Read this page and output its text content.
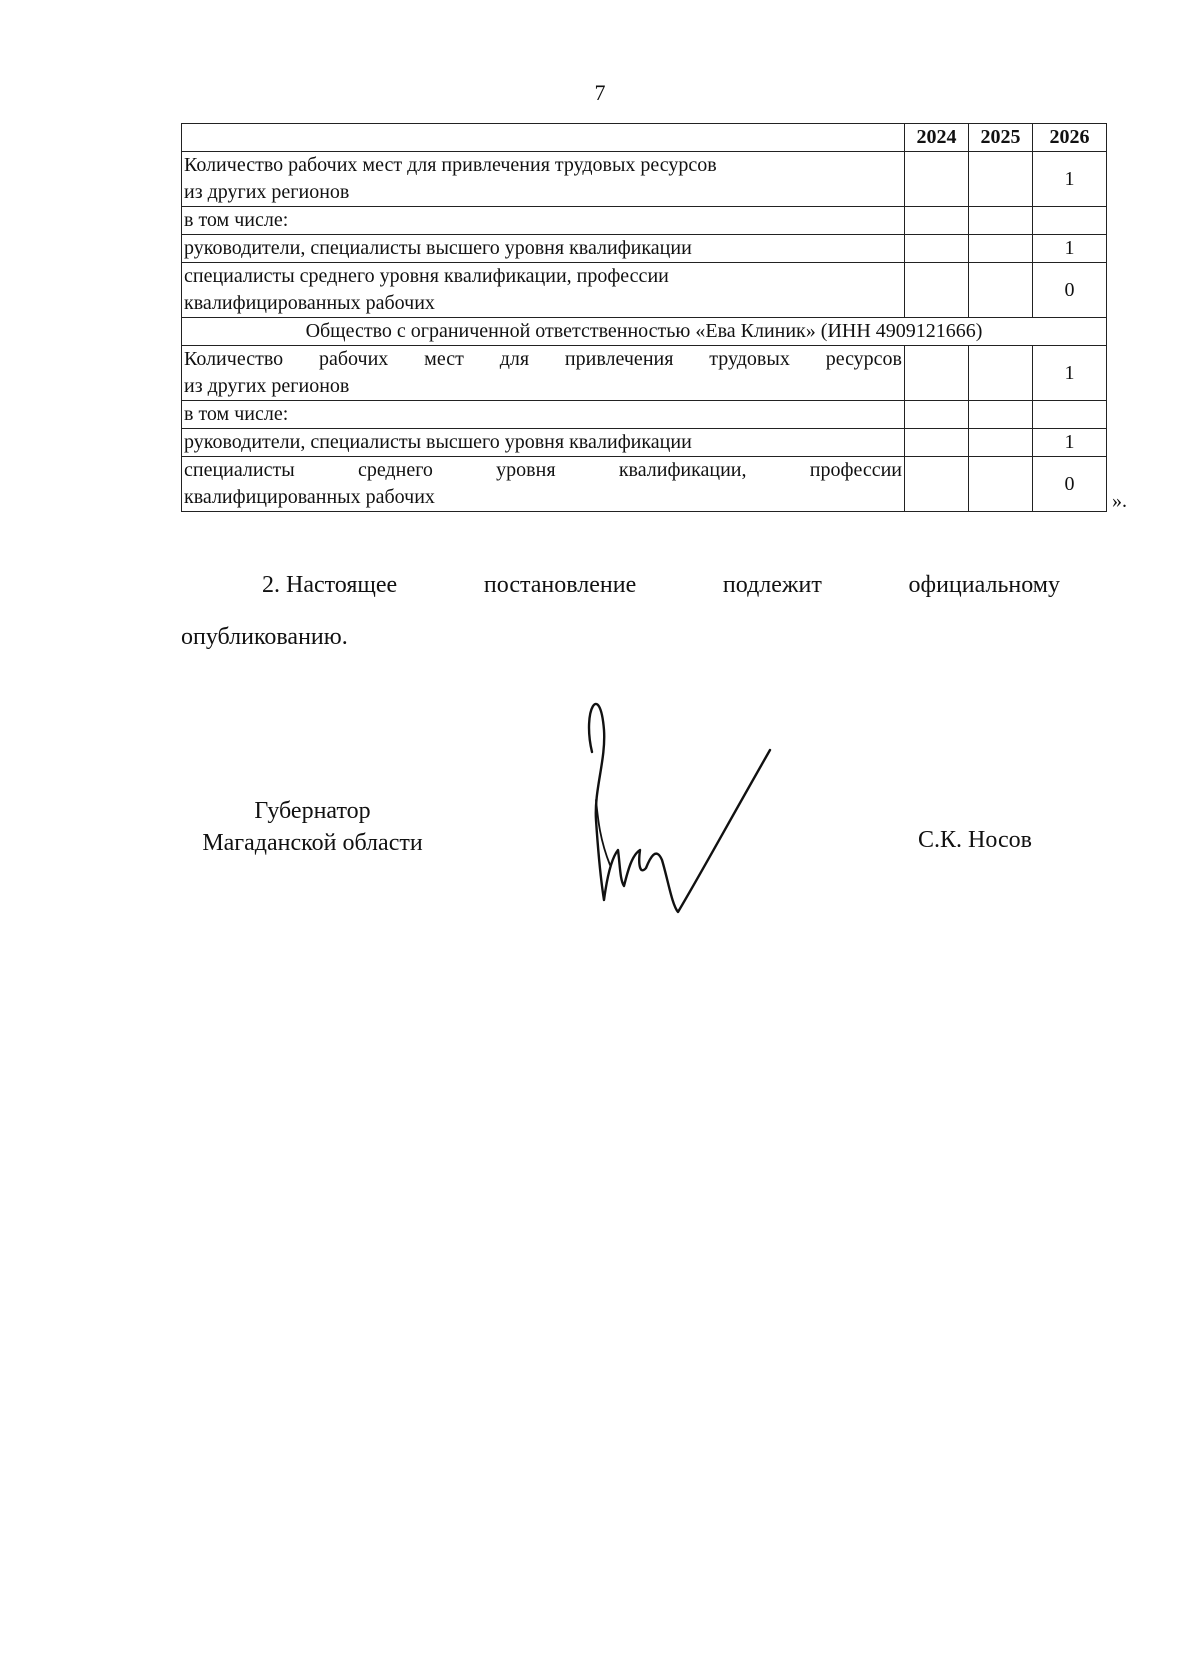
7
	2024	2025	2026

Количество рабочих мест для привлечения трудовых ресурсов
из других регионов			1
в том числе:			
руководители, специалисты высшего уровня квалификации			1

специалисты среднего уровня квалификации, профессии
квалифицированных рабочих			0
Общество с ограниченной ответственностью «Ева Клиник» (ИНН 4909121666)			

Количество рабочих мест для привлечения трудовых ресурсов
из других регионов			1
в том числе:			
руководители, специалисты высшего уровня квалификации			1

специалисты среднего уровня квалификации, профессии
квалифицированных рабочих			0
».
2. Настоящее	постановление	подлежит	официальному
опубликованию.
Губернатор
Магаданской области	С.К. Носов
